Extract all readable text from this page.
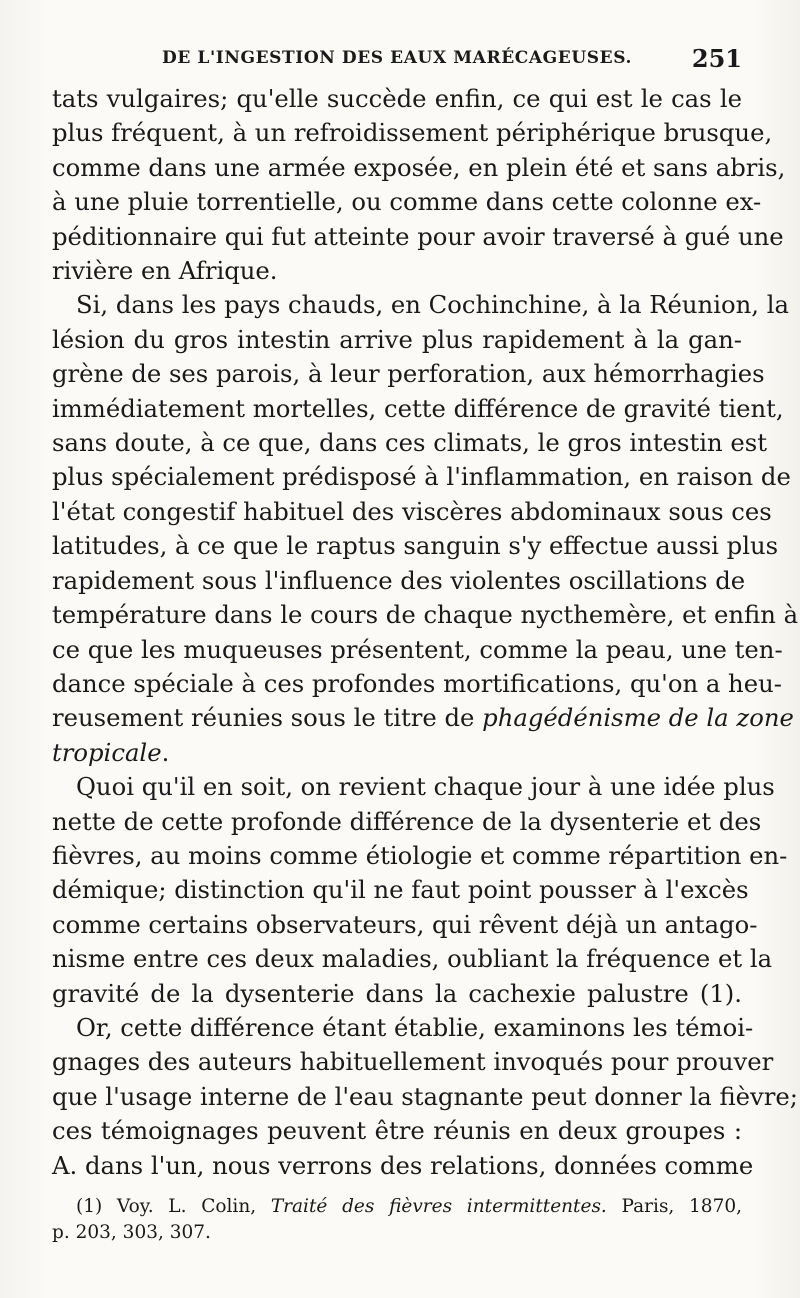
DE L'INGESTION DES EAUX MARÉCAGEUSES. 251

tats vulgaires; qu'elle succède enfin, ce qui est le cas le
plus fréquent, à un refroidissement périphérique brusque,
comme dans une armée exposée, en plein été et sans abris,
à une pluie torrentielle, ou comme dans cette colonne ex-
péditionnaire qui fut atteinte pour avoir traversé à gué une
rivière en Afrique.

Si, dans les pays chauds, en Cochinchine, à la Réunion, la
lésion du gros intestin arrive plus rapidement à la gan-
grène de ses parois, à leur perforation, aux hémorrhagies
immédiatement mortelles, cette différence de gravité tient,
sans doute, à ce que, dans ces climats, le gros intestin est
plus spécialement prédisposé à l'inflammation, en raison de
l'état congestif habituel des viscères abdominaux sous ces
latitudes, à ce que le raptus sanguin s'y effectue aussi plus
rapidement sous l'influence des violentes oscillations de
température dans le cours de chaque nycthemère, et enfin à
ce que les muqueuses présentent, comme la peau, une ten-
dance spéciale à ces profondes mortifications, qu'on a heu-
reusement réunies sous le titre de phagédénisme de la zone
tropicale.

Quoi qu'il en soit, on revient chaque jour à une idée plus
nette de cette profonde différence de la dysenterie et des
fièvres, au moins comme étiologie et comme répartition en-
démique; distinction qu'il ne faut point pousser à l'excès
comme certains observateurs, qui rêvent déjà un antago-
nisme entre ces deux maladies, oubliant la fréquence et la
gravité de la dysenterie dans la cachexie palustre (1).

Or, cette différence étant établie, examinons les témoi-
gnages des auteurs habituellement invoqués pour prouver
que l'usage interne de l'eau stagnante peut donner la fièvre;
ces témoignages peuvent être réunis en deux groupes :
A. dans l'un, nous verrons des relations, données comme

(1) Voy. L. Colin, Traité des fièvres intermittentes. Paris, 1870,
p. 203, 303, 307.
